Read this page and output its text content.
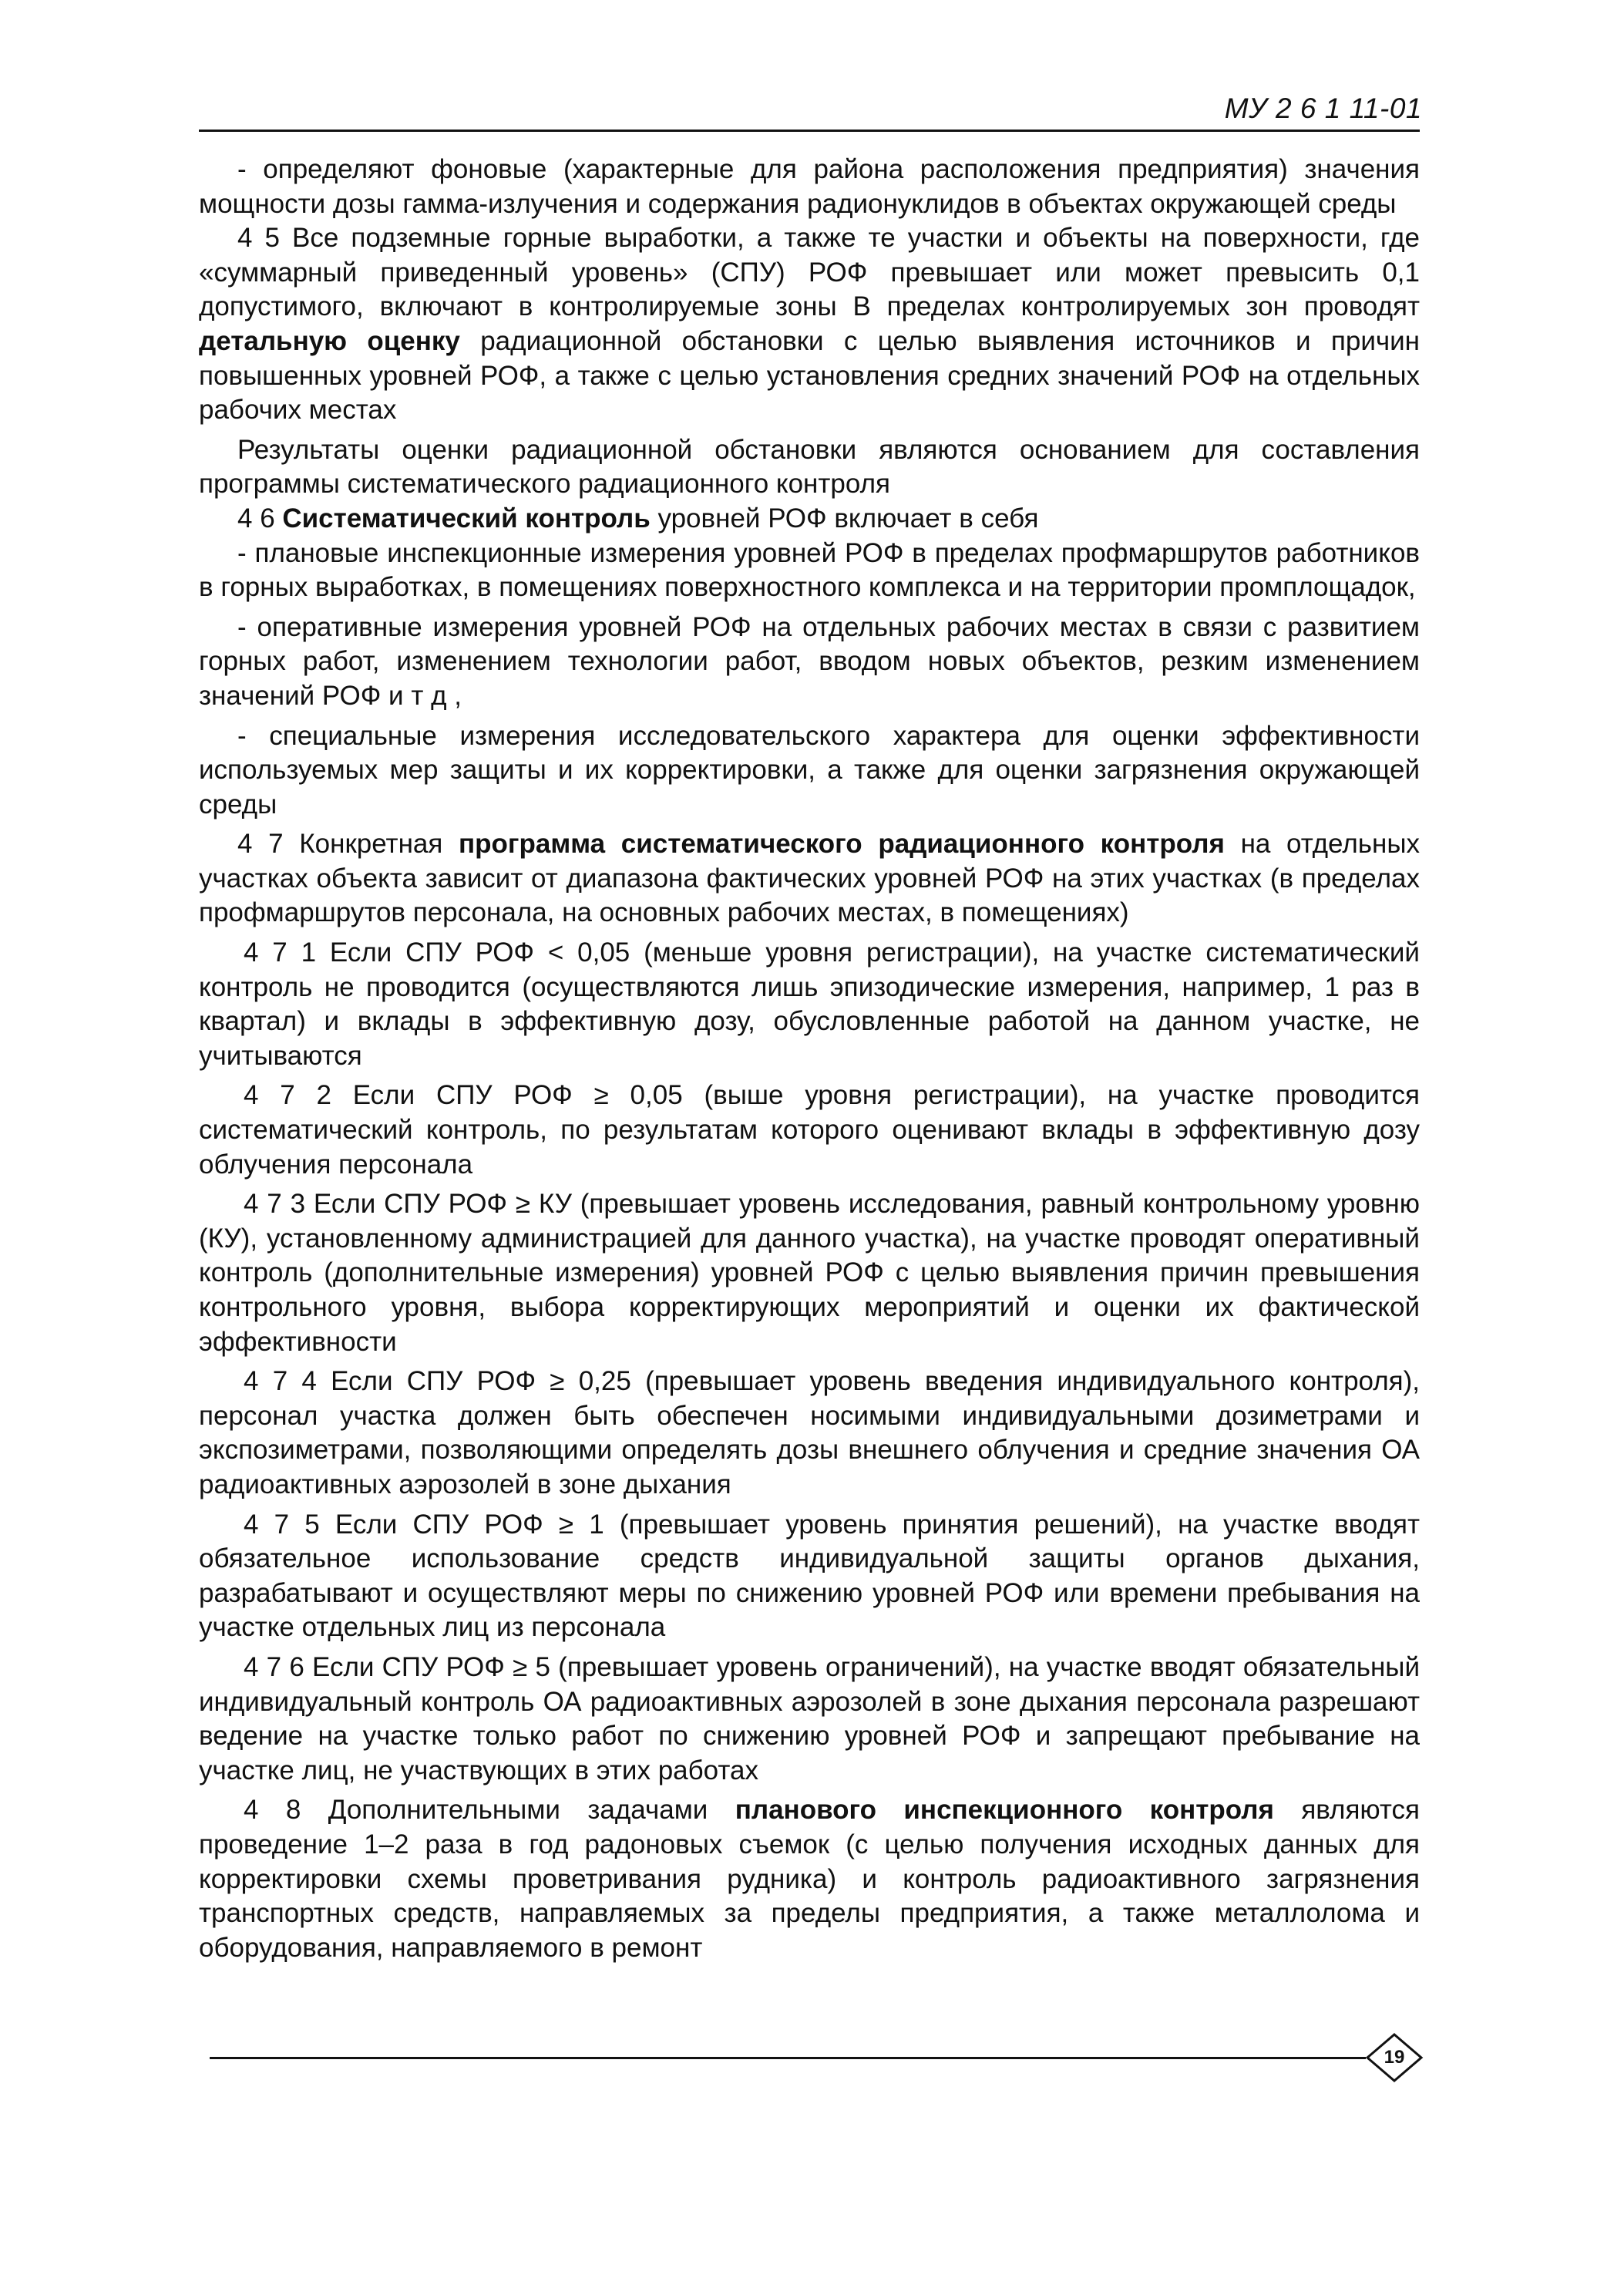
МУ 2 6 1 11-01

- определяют фоновые (характерные для района расположения предприятия) значения мощности дозы гамма-излучения и содержания радионуклидов в объектах окружающей среды

4 5 Все подземные горные выработки, а также те участки и объекты на поверхности, где «суммарный приведенный уровень» (СПУ) РОФ превышает или может превысить 0,1 допустимого, включают в контролируемые зоны В пределах контролируемых зон проводят детальную оценку радиационной обстановки с целью выявления источников и причин повышенных уровней РОФ, а также с целью установления средних значений РОФ на отдельных рабочих местах

Результаты оценки радиационной обстановки являются основанием для составления программы систематического радиационного контроля

4 6 Систематический контроль уровней РОФ включает в себя

- плановые инспекционные измерения уровней РОФ в пределах профмаршрутов работников в горных выработках, в помещениях поверхностного комплекса и на территории промплощадок,

- оперативные измерения уровней РОФ на отдельных рабочих местах в связи с развитием горных работ, изменением технологии работ, вводом новых объектов, резким изменением значений РОФ и т д ,

- специальные измерения исследовательского характера для оценки эффективности используемых мер защиты и их корректировки, а также для оценки загрязнения окружающей среды

4 7 Конкретная программа систематического радиационного контроля на отдельных участках объекта зависит от диапазона фактических уровней РОФ на этих участках (в пределах профмаршрутов персонала, на основных рабочих местах, в помещениях)

4 7 1 Если СПУ РОФ < 0,05 (меньше уровня регистрации), на участке систематический контроль не проводится (осуществляются лишь эпизодические измерения, например, 1 раз в квартал) и вклады в эффективную дозу, обусловленные работой на данном участке, не учитываются

4 7 2 Если СПУ РОФ ≥ 0,05 (выше уровня регистрации), на участке проводится систематический контроль, по результатам которого оценивают вклады в эффективную дозу облучения персонала

4 7 3 Если СПУ РОФ ≥ КУ (превышает уровень исследования, равный контрольному уровню (КУ), установленному администрацией для данного участка), на участке проводят оперативный контроль (дополнительные измерения) уровней РОФ с целью выявления причин превышения контрольного уровня, выбора корректирующих мероприятий и оценки их фактической эффективности

4 7 4 Если СПУ РОФ ≥ 0,25 (превышает уровень введения индивидуального контроля), персонал участка должен быть обеспечен носимыми индивидуальными дозиметрами и экспозиметрами, позволяющими определять дозы внешнего облучения и средние значения ОА радиоактивных аэрозолей в зоне дыхания

4 7 5 Если СПУ РОФ ≥ 1 (превышает уровень принятия решений), на участке вводят обязательное использование средств индивидуальной защиты органов дыхания, разрабатывают и осуществляют меры по снижению уровней РОФ или времени пребывания на участке отдельных лиц из персонала

4 7 6 Если СПУ РОФ ≥ 5 (превышает уровень ограничений), на участке вводят обязательный индивидуальный контроль ОА радиоактивных аэрозолей в зоне дыхания персонала разрешают ведение на участке только работ по снижению уровней РОФ и запрещают пребывание на участке лиц, не участвующих в этих работах

4 8 Дополнительными задачами планового инспекционного контроля являются проведение 1–2 раза в год радоновых съемок (с целью получения исходных данных для корректировки схемы проветривания рудника) и контроль радиоактивного загрязнения транспортных средств, направляемых за пределы предприятия, а также металлолома и оборудования, направляемого в ремонт

19
